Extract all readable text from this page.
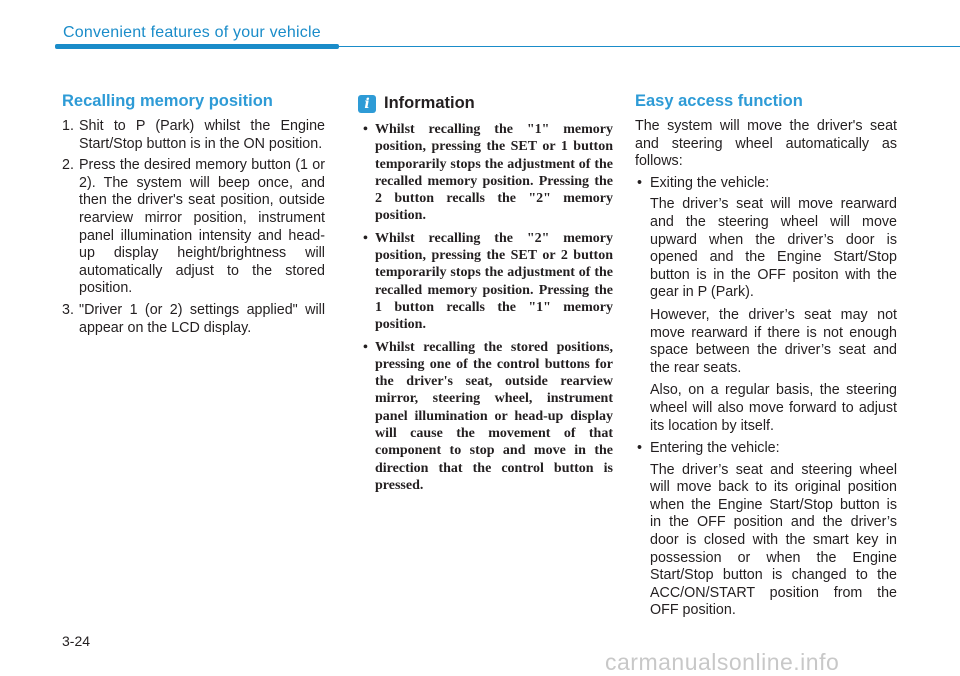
Convenient features of your vehicle
Recalling memory position
1. Shit to P (Park) whilst the Engine Start/Stop button is in the ON position.
2. Press the desired memory button (1 or 2). The system will beep once, and then the driver's seat position, outside rearview mirror position, instrument panel illumination intensity and head-up display height/brightness will automatically adjust to the stored position.
3. "Driver 1 (or 2) settings applied" will appear on the LCD display.
i Information
• Whilst recalling the "1" memory position, pressing the SET or 1 button temporarily stops the adjustment of the recalled memory position. Pressing the 2 button recalls the "2" memory position.
• Whilst recalling the "2" memory position, pressing the SET or 2 button temporarily stops the adjustment of the recalled memory position. Pressing the 1 button recalls the "1" memory position.
• Whilst recalling the stored positions, pressing one of the control buttons for the driver's seat, outside rearview mirror, steering wheel, instrument panel illumination or head-up display will cause the movement of that component to stop and move in the direction that the control button is pressed.
Easy access function

The system will move the driver's seat and steering wheel automatically as follows:

• Exiting the vehicle:

The driver’s seat will move rearward and the steering wheel will move upward when the driver’s door is opened and the Engine Start/Stop button is in the OFF positon with the gear in P (Park).

However, the driver’s seat may not move rearward if there is not enough space between the driver’s seat and the rear seats.

Also, on a regular basis, the steering wheel will also move forward to adjust its location by itself.

• Entering the vehicle:

The driver’s seat and steering wheel will move back to its original position when the Engine Start/Stop button is in the OFF position and the driver’s door is closed with the smart key in possession or when the Engine Start/Stop button is changed to the ACC/ON/START position from the OFF position.

3-24
carmanualsonline.info
